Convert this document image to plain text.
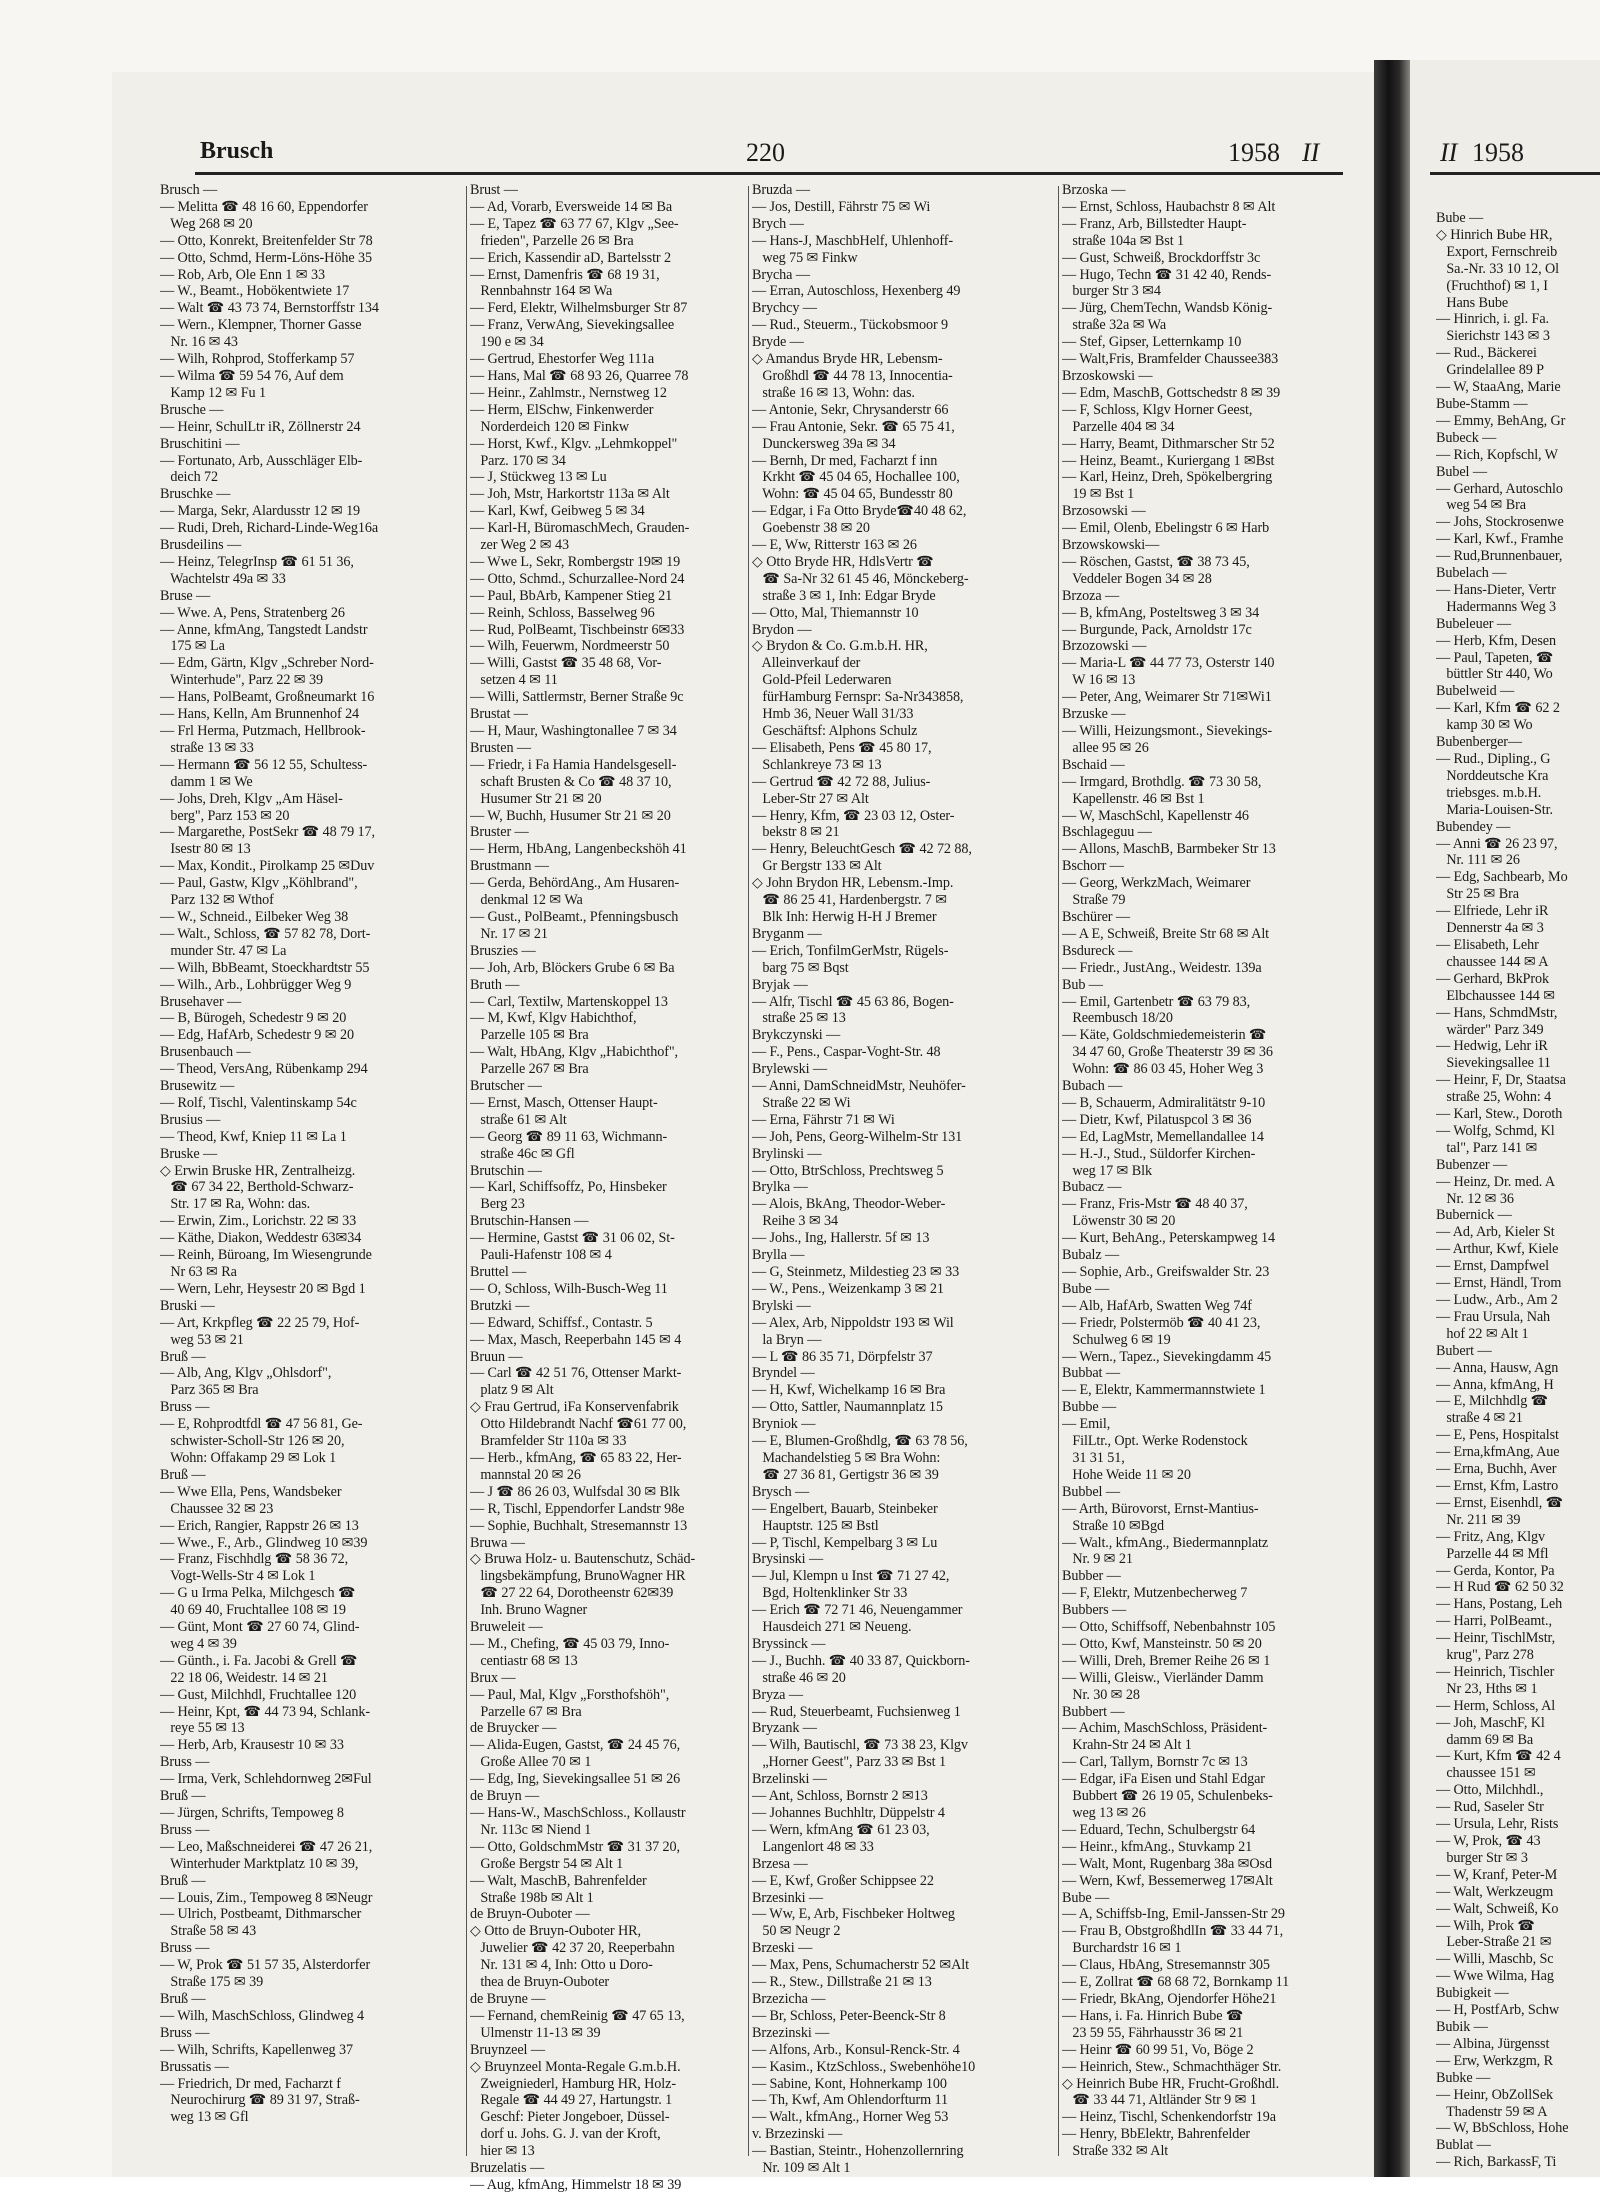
Brusch	220	1958 II	II 1958
Brusch —
— Melitta ☎ 48 16 60, Eppendorfer
Weg 268 ✉ 20
— Otto, Konrekt, Breitenfelder Str 78
— Otto, Schmd, Herm-Löns-Höhe 35
— Rob, Arb, Ole Enn 1 ✉ 33
— W., Beamt., Hobökentwiete 17
— Walt ☎ 43 73 74, Bernstorffstr 134
— Wern., Klempner, Thorner Gasse
Nr. 16 ✉ 43
— Wilh, Rohprod, Stofferkamp 57
— Wilma ☎ 59 54 76, Auf dem
Kamp 12 ✉ Fu 1
Brusche —
— Heinr, SchulLtr iR, Zöllnerstr 24
Bruschitini —
— Fortunato, Arb, Ausschläger Elb-
deich 72
Bruschke —
— Marga, Sekr, Alardusstr 12 ✉ 19
— Rudi, Dreh, Richard-Linde-Weg16a
Brusdeilins —
— Heinz, TelegrInsp ☎ 61 51 36,
Wachtelstr 49a ✉ 33
Bruse —
— Wwe. A, Pens, Stratenberg 26
— Anne, kfmAng, Tangstedt Landstr
175 ✉ La
— Edm, Gärtn, Klgv „Schreber Nord-
Winterhude", Parz 22 ✉ 39
— Hans, PolBeamt, Großneumarkt 16
— Hans, Kelln, Am Brunnenhof 24
— Frl Herma, Putzmach, Hellbrook-
straße 13 ✉ 33
— Hermann ☎ 56 12 55, Schultess-
damm 1 ✉ We
— Johs, Dreh, Klgv „Am Häsel-
berg", Parz 153 ✉ 20
— Margarethe, PostSekr ☎ 48 79 17,
Isestr 80 ✉ 13
— Max, Kondit., Pirolkamp 25 ✉Duv
— Paul, Gastw, Klgv „Köhlbrand",
Parz 132 ✉ Wthof
— W., Schneid., Eilbeker Weg 38
— Walt., Schloss, ☎ 57 82 78, Dort-
munder Str. 47 ✉ La
— Wilh, BbBeamt, Stoeckhardtstr 55
— Wilh., Arb., Lohbrügger Weg 9
Brusehaver —
— B, Bürogeh, Schedestr 9 ✉ 20
— Edg, HafArb, Schedestr 9 ✉ 20
Brusenbauch —
— Theod, VersAng, Rübenkamp 294
Brusewitz —
— Rolf, Tischl, Valentinskamp 54c
Brusius —
— Theod, Kwf, Kniep 11 ✉ La 1
Bruske —
◇ Erwin Bruske HR, Zentralheizg.
☎ 67 34 22, Berthold-Schwarz-
Str. 17 ✉ Ra, Wohn: das.
— Erwin, Zim., Lorichstr. 22 ✉ 33
— Käthe, Diakon, Weddestr 63✉34
— Reinh, Büroang, Im Wiesengrunde
Nr 63 ✉ Ra
— Wern, Lehr, Heysestr 20 ✉ Bgd 1
Bruski —
— Art, Krkpfleg ☎ 22 25 79, Hof-
weg 53 ✉ 21
Bruß —
— Alb, Ang, Klgv „Ohlsdorf",
Parz 365 ✉ Bra
Bruss —
— E, Rohprodtfdl ☎ 47 56 81, Ge-
schwister-Scholl-Str 126 ✉ 20,
Wohn: Offakamp 29 ✉ Lok 1
Bruß —
— Wwe Ella, Pens, Wandsbeker
Chaussee 32 ✉ 23
— Erich, Rangier, Rappstr 26 ✉ 13
— Wwe., F., Arb., Glindweg 10 ✉39
— Franz, Fischhdlg ☎ 58 36 72,
Vogt-Wells-Str 4 ✉ Lok 1
— G u Irma Pelka, Milchgesch ☎
40 69 40, Fruchtallee 108 ✉ 19
— Günt, Mont ☎ 27 60 74, Glind-
weg 4 ✉ 39
— Günth., i. Fa. Jacobi & Grell ☎
22 18 06, Weidestr. 14 ✉ 21
— Gust, Milchhdl, Fruchtallee 120
— Heinr, Kpt, ☎ 44 73 94, Schlank-
reye 55 ✉ 13
— Herb, Arb, Krausestr 10 ✉ 33
Bruss —
— Irma, Verk, Schlehdornweg 2✉Ful
Bruß —
— Jürgen, Schrifts, Tempoweg 8
Bruss —
— Leo, Maßschneiderei ☎ 47 26 21,
Winterhuder Marktplatz 10 ✉ 39,
Bruß —
— Louis, Zim., Tempoweg 8 ✉Neugr
— Ulrich, Postbeamt, Dithmarscher
Straße 58 ✉ 43
Bruss —
— W, Prok ☎ 51 57 35, Alsterdorfer
Straße 175 ✉ 39
Bruß —
— Wilh, MaschSchloss, Glindweg 4
Bruss —
— Wilh, Schrifts, Kapellenweg 37
Brussatis —
— Friedrich, Dr med, Facharzt f
Neurochirurg ☎ 89 31 97, Straß-
weg 13 ✉ Gfl
Brust —
— Ad, Vorarb, Eversweide 14 ✉ Ba
— E, Tapez ☎ 63 77 67, Klgv „See-
frieden", Parzelle 26 ✉ Bra
— Erich, Kassendir aD, Bartelsstr 2
— Ernst, Damenfris ☎ 68 19 31,
Rennbahnstr 164 ✉ Wa
— Ferd, Elektr, Wilhelmsburger Str 87
— Franz, VerwAng, Sievekingsallee
190 e ✉ 34
— Gertrud, Ehestorfer Weg 111a
— Hans, Mal ☎ 68 93 26, Quarree 78
— Heinr., Zahlmstr., Nernstweg 12
— Herm, ElSchw, Finkenwerder
Norderdeich 120 ✉ Finkw
— Horst, Kwf., Klgv. „Lehmkoppel"
Parz. 170 ✉ 34
— J, Stückweg 13 ✉ Lu
— Joh, Mstr, Harkortstr 113a ✉ Alt
— Karl, Kwf, Geibweg 5 ✉ 34
— Karl-H, BüromaschMech, Grauden-
zer Weg 2 ✉ 43
— Wwe L, Sekr, Rombergstr 19✉ 19
— Otto, Schmd., Schurzallee-Nord 24
— Paul, BbArb, Kampener Stieg 21
— Reinh, Schloss, Basselweg 96
— Rud, PolBeamt, Tischbeinstr 6✉33
— Wilh, Feuerwm, Nordmeerstr 50
— Willi, Gastst ☎ 35 48 68, Vor-
setzen 4 ✉ 11
— Willi, Sattlermstr, Berner Straße 9c
Brustat —
— H, Maur, Washingtonallee 7 ✉ 34
Brusten —
— Friedr, i Fa Hamia Handelsgesell-
schaft Brusten & Co ☎ 48 37 10,
Husumer Str 21 ✉ 20
— W, Buchh, Husumer Str 21 ✉ 20
Bruster —
— Herm, HbAng, Langenbeckshöh 41
Brustmann —
— Gerda, BehördAng., Am Husaren-
denkmal 12 ✉ Wa
— Gust., PolBeamt., Pfenningsbusch
Nr. 17 ✉ 21
Bruszies —
— Joh, Arb, Blöckers Grube 6 ✉ Ba
Bruth —
— Carl, Textilw, Martenskoppel 13
— M, Kwf, Klgv Habichthof,
Parzelle 105 ✉ Bra
— Walt, HbAng, Klgv „Habichthof",
Parzelle 267 ✉ Bra
Brutscher —
— Ernst, Masch, Ottenser Haupt-
straße 61 ✉ Alt
— Georg ☎ 89 11 63, Wichmann-
straße 46c ✉ Gfl
Brutschin —
— Karl, Schiffsoffz, Po, Hinsbeker
Berg 23
Brutschin-Hansen —
— Hermine, Gastst ☎ 31 06 02, St-
Pauli-Hafenstr 108 ✉ 4
Bruttel —
— O, Schloss, Wilh-Busch-Weg 11
Brutzki —
— Edward, Schiffsf., Contastr. 5
— Max, Masch, Reeperbahn 145 ✉ 4
Bruun —
— Carl ☎ 42 51 76, Ottenser Markt-
platz 9 ✉ Alt
◇ Frau Gertrud, iFa Konservenfabrik
Otto Hildebrandt Nachf ☎61 77 00,
Bramfelder Str 110a ✉ 33
— Herb., kfmAng, ☎ 65 83 22, Her-
mannstal 20 ✉ 26
— J ☎ 86 26 03, Wulfsdal 30 ✉ Blk
— R, Tischl, Eppendorfer Landstr 98e
— Sophie, Buchhalt, Stresemannstr 13
Bruwa —
◇ Bruwa Holz- u. Bautenschutz, Schäd-
lingsbekämpfung, BrunoWagner HR
☎ 27 22 64, Dorotheenstr 62✉39
Inh. Bruno Wagner
Bruweleit —
— M., Chefing, ☎ 45 03 79, Inno-
centiastr 68 ✉ 13
Brux —
— Paul, Mal, Klgv „Forsthofshöh",
Parzelle 67 ✉ Bra
de Bruycker —
— Alida-Eugen, Gastst, ☎ 24 45 76,
Große Allee 70 ✉ 1
— Edg, Ing, Sievekingsallee 51 ✉ 26
de Bruyn —
— Hans-W., MaschSchloss., Kollaustr
Nr. 113c ✉ Niend 1
— Otto, GoldschmMstr ☎ 31 37 20,
Große Bergstr 54 ✉ Alt 1
— Walt, MaschB, Bahrenfelder
Straße 198b ✉ Alt 1
de Bruyn-Ouboter —
◇ Otto de Bruyn-Ouboter HR,
Juwelier ☎ 42 37 20, Reeperbahn
Nr. 131 ✉ 4, Inh: Otto u Doro-
thea de Bruyn-Ouboter
de Bruyne —
— Fernand, chemReinig ☎ 47 65 13,
Ulmenstr 11-13 ✉ 39
Bruynzeel —
◇ Bruynzeel Monta-Regale G.m.b.H.
Zweigniederl, Hamburg HR, Holz-
Regale ☎ 44 49 27, Hartungstr. 1
Geschf: Pieter Jongeboer, Düssel-
dorf u. Johs. G. J. van der Kroft,
hier ✉ 13
Bruzelatis —
— Aug, kfmAng, Himmelstr 18 ✉ 39
Bruzda —
— Jos, Destill, Fährstr 75 ✉ Wi
Brych —
— Hans-J, MaschbHelf, Uhlenhoff-
weg 75 ✉ Finkw
Brycha —
— Erran, Autoschloss, Hexenberg 49
Brychcy —
— Rud., Steuerm., Tückobsmoor 9
Bryde —
◇ Amandus Bryde HR, Lebensm-
Großhdl ☎ 44 78 13, Innocentia-
straße 16 ✉ 13, Wohn: das.
— Antonie, Sekr, Chrysanderstr 66
— Frau Antonie, Sekr. ☎ 65 75 41,
Dunckersweg 39a ✉ 34
— Bernh, Dr med, Facharzt f inn
Krkht ☎ 45 04 65, Hochallee 100,
Wohn: ☎ 45 04 65, Bundesstr 80
— Edgar, i Fa Otto Bryde☎40 48 62,
Goebenstr 38 ✉ 20
— E, Ww, Ritterstr 163 ✉ 26
◇ Otto Bryde HR, HdlsVertr ☎
☎ Sa-Nr 32 61 45 46, Mönckeberg-
straße 3 ✉ 1, Inh: Edgar Bryde
— Otto, Mal, Thiemannstr 10
Brydon —
◇ Brydon & Co. G.m.b.H. HR,
Alleinverkauf der
Gold-Pfeil Lederwaren
fürHamburg Fernspr: Sa-Nr343858,
Hmb 36, Neuer Wall 31/33
Geschäftsf: Alphons Schulz
— Elisabeth, Pens ☎ 45 80 17,
Schlankreye 73 ✉ 13
— Gertrud ☎ 42 72 88, Julius-
Leber-Str 27 ✉ Alt
— Henry, Kfm, ☎ 23 03 12, Oster-
bekstr 8 ✉ 21
— Henry, BeleuchtGesch ☎ 42 72 88,
Gr Bergstr 133 ✉ Alt
◇ John Brydon HR, Lebensm.-Imp.
☎ 86 25 41, Hardenbergstr. 7 ✉
Blk Inh: Herwig H-H J Bremer
Bryganm —
— Erich, TonfilmGerMstr, Rügels-
barg 75 ✉ Bqst
Bryjak —
— Alfr, Tischl ☎ 45 63 86, Bogen-
straße 25 ✉ 13
Brykczynski —
— F., Pens., Caspar-Voght-Str. 48
Brylewski —
— Anni, DamSchneidMstr, Neuhöfer-
Straße 22 ✉ Wi
— Erna, Fährstr 71 ✉ Wi
— Joh, Pens, Georg-Wilhelm-Str 131
Brylinski —
— Otto, BtrSchloss, Prechtsweg 5
Brylka —
— Alois, BkAng, Theodor-Weber-
Reihe 3 ✉ 34
— Johs., Ing, Hallerstr. 5f ✉ 13
Brylla —
— G, Steinmetz, Mildestieg 23 ✉ 33
— W., Pens., Weizenkamp 3 ✉ 21
Brylski —
— Alex, Arb, Nippoldstr 193 ✉ Wil
la Bryn —
— L ☎ 86 35 71, Dörpfelstr 37
Bryndel —
— H, Kwf, Wichelkamp 16 ✉ Bra
— Otto, Sattler, Naumannplatz 15
Bryniok —
— E, Blumen-Großhdlg, ☎ 63 78 56,
Machandelstieg 5 ✉ Bra Wohn:
☎ 27 36 81, Gertigstr 36 ✉ 39
Brysch —
— Engelbert, Bauarb, Steinbeker
Hauptstr. 125 ✉ Bstl
— P, Tischl, Kempelbarg 3 ✉ Lu
Brysinski —
— Jul, Klempn u Inst ☎ 71 27 42,
Bgd, Holtenklinker Str 33
— Erich ☎ 72 71 46, Neuengammer
Hausdeich 271 ✉ Neueng.
Bryssinck —
— J., Buchh. ☎ 40 33 87, Quickborn-
straße 46 ✉ 20
Bryza —
— Rud, Steuerbeamt, Fuchsienweg 1
Bryzank —
— Wilh, Bautischl, ☎ 73 38 23, Klgv
„Horner Geest", Parz 33 ✉ Bst 1
Brzelinski —
— Ant, Schloss, Bornstr 2 ✉13
— Johannes Buchhltr, Düppelstr 4
— Wern, kfmAng ☎ 61 23 03,
Langenlort 48 ✉ 33
Brzesa —
— E, Kwf, Großer Schippsee 22
Brzesinki —
— Ww, E, Arb, Fischbeker Holtweg
50 ✉ Neugr 2
Brzeski —
— Max, Pens, Schumacherstr 52 ✉Alt
— R., Stew., Dillstraße 21 ✉ 13
Brzezicha —
— Br, Schloss, Peter-Beenck-Str 8
Brzezinski —
— Alfons, Arb., Konsul-Renck-Str. 4
— Kasim., KtzSchloss., Swebenhöhe10
— Sabine, Kont, Hohnerkamp 100
— Th, Kwf, Am Ohlendorfturm 11
— Walt., kfmAng., Horner Weg 53
v. Brzezinski —
— Bastian, Steintr., Hohenzollernring
Nr. 109 ✉ Alt 1
Brzoska —
— Ernst, Schloss, Haubachstr 8 ✉ Alt
— Franz, Arb, Billstedter Haupt-
straße 104a ✉ Bst 1
— Gust, Schweiß, Brockdorffstr 3c
— Hugo, Techn ☎ 31 42 40, Rends-
burger Str 3 ✉4
— Jürg, ChemTechn, Wandsb König-
straße 32a ✉ Wa
— Stef, Gipser, Letternkamp 10
— Walt,Fris, Bramfelder Chaussee383
Brzoskowski —
— Edm, MaschB, Gottschedstr 8 ✉ 39
— F, Schloss, Klgv Horner Geest,
Parzelle 404 ✉ 34
— Harry, Beamt, Dithmarscher Str 52
— Heinz, Beamt., Kuriergang 1 ✉Bst
— Karl, Heinz, Dreh, Spökelbergring
19 ✉ Bst 1
Brzosowski —
— Emil, Olenb, Ebelingstr 6 ✉ Harb
Brzowskowski—
— Röschen, Gastst, ☎ 38 73 45,
Veddeler Bogen 34 ✉ 28
Brzoza —
— B, kfmAng, Posteltsweg 3 ✉ 34
— Burgunde, Pack, Arnoldstr 17c
Brzozowski —
— Maria-L ☎ 44 77 73, Osterstr 140
W 16 ✉ 13
— Peter, Ang, Weimarer Str 71✉Wi1
Brzuske —
— Willi, Heizungsmont., Sievekings-
allee 95 ✉ 26
Bschaid —
— Irmgard, Brothdlg. ☎ 73 30 58,
Kapellenstr. 46 ✉ Bst 1
— W, MaschSchl, Kapellenstr 46
Bschlageguu —
— Allons, MaschB, Barmbeker Str 13
Bschorr —
— Georg, WerkzMach, Weimarer
Straße 79
Bschürer —
— A E, Schweiß, Breite Str 68 ✉ Alt
Bsdureck —
— Friedr., JustAng., Weidestr. 139a
Bub —
— Emil, Gartenbetr ☎ 63 79 83,
Reembusch 18/20
— Käte, Goldschmiedemeisterin ☎
34 47 60, Große Theaterstr 39 ✉ 36
Wohn: ☎ 86 03 45, Hoher Weg 3
Bubach —
— B, Schauerm, Admiralitätstr 9-10
— Dietr, Kwf, Pilatuspcol 3 ✉ 36
— Ed, LagMstr, Memellandallee 14
— H.-J., Stud., Süldorfer Kirchen-
weg 17 ✉ Blk
Bubacz —
— Franz, Fris-Mstr ☎ 48 40 37,
Löwenstr 30 ✉ 20
— Kurt, BehAng., Peterskampweg 14
Bubalz —
— Sophie, Arb., Greifswalder Str. 23
Bube —
— Alb, HafArb, Swatten Weg 74f
— Friedr, Polstermöb ☎ 40 41 23,
Schulweg 6 ✉ 19
— Wern., Tapez., Sievekingdamm 45
Bubbat —
— E, Elektr, Kammermannstwiete 1
Bubbe —
— Emil,
FilLtr., Opt. Werke Rodenstock
31 31 51,
Hohe Weide 11 ✉ 20
Bubbel —
— Arth, Bürovorst, Ernst-Mantius-
Straße 10 ✉Bgd
— Walt., kfmAng., Biedermannplatz
Nr. 9 ✉ 21
Bubber —
— F, Elektr, Mutzenbecherweg 7
Bubbers —
— Otto, Schiffsoff, Nebenbahnstr 105
— Otto, Kwf, Mansteinstr. 50 ✉ 20
— Willi, Dreh, Bremer Reihe 26 ✉ 1
— Willi, Gleisw., Vierländer Damm
Nr. 30 ✉ 28
Bubbert —
— Achim, MaschSchloss, Präsident-
Krahn-Str 24 ✉ Alt 1
— Carl, Tallym, Bornstr 7c ✉ 13
— Edgar, iFa Eisen und Stahl Edgar
Bubbert ☎ 26 19 05, Schulenbeks-
weg 13 ✉ 26
— Eduard, Techn, Schulbergstr 64
— Heinr., kfmAng., Stuvkamp 21
— Walt, Mont, Rugenbarg 38a ✉Osd
— Wern, Kwf, Bessemerweg 17✉Alt
Bube —
— A, Schiffsb-Ing, Emil-Janssen-Str 29
— Frau B, ObstgroßhdlIn ☎ 33 44 71,
Burchardstr 16 ✉ 1
— Claus, HbAng, Stresemannstr 305
— E, Zollrat ☎ 68 68 72, Bornkamp 11
— Friedr, BkAng, Ojendorfer Höhe21
— Hans, i. Fa. Hinrich Bube ☎
23 59 55, Fährhausstr 36 ✉ 21
— Heinr ☎ 60 99 51, Vo, Böge 2
— Heinrich, Stew., Schmachthäger Str.
◇ Heinrich Bube HR, Frucht-Großhdl.
☎ 33 44 71, Altländer Str 9 ✉ 1
— Heinz, Tischl, Schenkendorfstr 19a
— Henry, BbElektr, Bahrenfelder
Straße 332 ✉ Alt
Bube —
◇ Hinrich Bube HR,
Export, Fernschreib
Sa.-Nr. 33 10 12, Ol
(Fruchthof) ✉ 1, I
Hans Bube
— Hinrich, i. gl. Fa.
Sierichstr 143 ✉ 3
— Rud., Bäckerei
Grindelallee 89 P
— W, StaaAng, Marie
Bube-Stamm —
— Emmy, BehAng, Gr
Bubeck —
— Rich, Kopfschl, W
Bubel —
— Gerhard, Autoschlo
weg 54 ✉ Bra
— Johs, Stockrosenwe
— Karl, Kwf., Framhe
— Rud,Brunnenbauer,
Bubelach —
— Hans-Dieter, Vertr
Hadermanns Weg 3
Bubeleuer —
— Herb, Kfm, Desen
— Paul, Tapeten, ☎
büttler Str 440, Wo
Bubelweid —
— Karl, Kfm ☎ 62 2
kamp 30 ✉ Wo
Bubenberger—
— Rud., Dipling., G
Norddeutsche Kra
triebsges. m.b.H.
Maria-Louisen-Str.
Bubendey —
— Anni ☎ 26 23 97,
Nr. 111 ✉ 26
— Edg, Sachbearb, Mo
Str 25 ✉ Bra
— Elfriede, Lehr iR
Dennerstr 4a ✉ 3
— Elisabeth, Lehr
chaussee 144 ✉ A
— Gerhard, BkProk
Elbchaussee 144 ✉
— Hans, SchmdMstr,
wärder" Parz 349
— Hedwig, Lehr iR
Sievekingsallee 11
— Heinr, F, Dr, Staatsa
straße 25, Wohn: 4
— Karl, Stew., Doroth
— Wolfg, Schmd, Kl
tal", Parz 141 ✉
Bubenzer —
— Heinz, Dr. med. A
Nr. 12 ✉ 36
Bubernick —
— Ad, Arb, Kieler St
— Arthur, Kwf, Kiele
— Ernst, Dampfwel
— Ernst, Händl, Trom
— Ludw., Arb., Am 2
— Frau Ursula, Nah
hof 22 ✉ Alt 1
Bubert —
— Anna, Hausw, Agn
— Anna, kfmAng, H
— E, Milchhdlg ☎
straße 4 ✉ 21
— E, Pens, Hospitalst
— Erna,kfmAng, Aue
— Erna, Buchh, Aver
— Ernst, Kfm, Lastro
— Ernst, Eisenhdl, ☎
Nr. 211 ✉ 39
— Fritz, Ang, Klgv
Parzelle 44 ✉ Mfl
— Gerda, Kontor, Pa
— H Rud ☎ 62 50 32
— Hans, Postang, Leh
— Harri, PolBeamt.,
— Heinr, TischlMstr,
krug", Parz 278
— Heinrich, Tischler
Nr 23, Hths ✉ 1
— Herm, Schloss, Al
— Joh, MaschF, Kl
damm 69 ✉ Ba
— Kurt, Kfm ☎ 42 4
chaussee 151 ✉
— Otto, Milchhdl.,
— Rud, Saseler Str
— Ursula, Lehr, Rists
— W, Prok, ☎ 43
burger Str ✉ 3
— W, Kranf, Peter-M
— Walt, Werkzeugm
— Walt, Schweiß, Ko
— Wilh, Prok ☎
Leber-Straße 21 ✉
— Willi, Maschb, Sc
— Wwe Wilma, Hag
Bubigkeit —
— H, PostfArb, Schw
Bubik —
— Albina, Jürgensst
— Erw, Werkzgm, R
Bubke —
— Heinr, ObZollSek
Thadenstr 59 ✉ A
— W, BbSchloss, Hohe
Bublat —
— Rich, BarkassF, Ti
